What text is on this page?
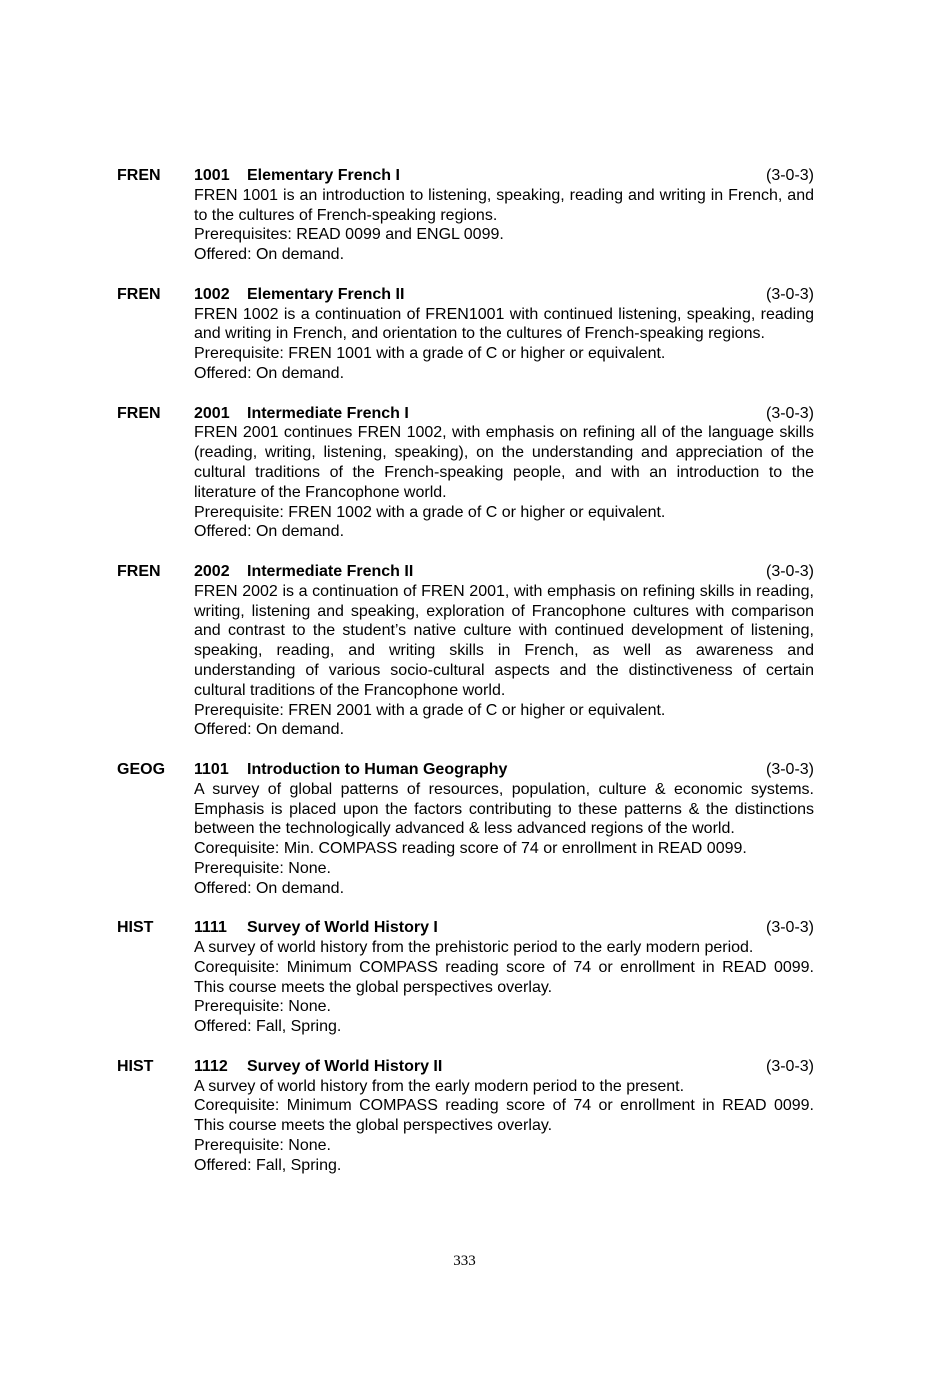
FREN	1001 Elementary French I	(3-0-3)
FREN 1001 is an introduction to listening, speaking, reading and writing in French, and to the cultures of French-speaking regions.
Prerequisites: READ 0099 and ENGL 0099.
Offered: On demand.
FREN	1002 Elementary French II	(3-0-3)
FREN 1002 is a continuation of FREN1001 with continued listening, speaking, reading and writing in French, and orientation to the cultures of French-speaking regions.
Prerequisite: FREN 1001 with a grade of C or higher or equivalent.
Offered: On demand.
FREN	2001 Intermediate French I	(3-0-3)
FREN 2001 continues FREN 1002, with emphasis on refining all of the language skills (reading, writing, listening, speaking), on the understanding and appreciation of the cultural traditions of the French-speaking people, and with an introduction to the literature of the Francophone world.
Prerequisite: FREN 1002 with a grade of C or higher or equivalent.
Offered: On demand.
FREN	2002 Intermediate French II	(3-0-3)
FREN 2002 is a continuation of FREN 2001, with emphasis on refining skills in reading, writing, listening and speaking, exploration of Francophone cultures with comparison and contrast to the student’s native culture with continued development of listening, speaking, reading, and writing skills in French, as well as awareness and understanding of various socio-cultural aspects and the distinctiveness of certain cultural traditions of the Francophone world.
Prerequisite: FREN 2001 with a grade of C or higher or equivalent.
Offered: On demand.
GEOG	1101 Introduction to Human Geography	(3-0-3)
A survey of global patterns of resources, population, culture & economic systems. Emphasis is placed upon the factors contributing to these patterns & the distinctions between the technologically advanced & less advanced regions of the world.
Corequisite: Min. COMPASS reading score of 74 or enrollment in READ 0099.
Prerequisite: None.
Offered: On demand.
HIST	1111 Survey of World History I	(3-0-3)
A survey of world history from the prehistoric period to the early modern period.
Corequisite: Minimum COMPASS reading score of 74 or enrollment in READ 0099. This course meets the global perspectives overlay.
Prerequisite: None.
Offered: Fall, Spring.
HIST	1112 Survey of World History II	(3-0-3)
A survey of world history from the early modern period to the present.
Corequisite: Minimum COMPASS reading score of 74 or enrollment in READ 0099. This course meets the global perspectives overlay.
Prerequisite: None.
Offered: Fall, Spring.
333
